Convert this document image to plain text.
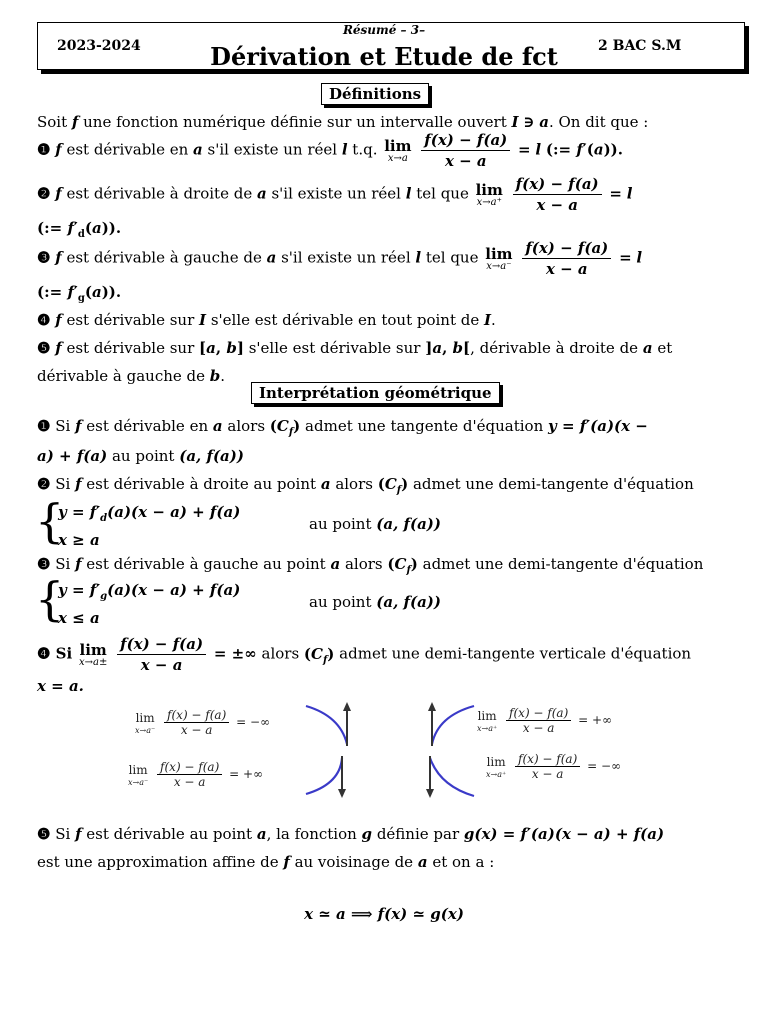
Résumé – 3–
2023-2024	Dérivation et Etude de fct	2 BAC S.M
Définitions
Soit f une fonction numérique définie sur un intervalle ouvert I ∋ a. On dit que :
❶ f est dérivable en a s'il existe un réel l t.q. lim
x→a
$\frac{f(x) - f(a)}{x - a} = l$ (:= f′(a)).
❷ f est dérivable à droite de a s'il existe un réel l tel que lim
x→a⁺
$\frac{f(x) - f(a)}{x - a} = l$
(:= $f'_d(a)$).
❸ f est dérivable à gauche de a s'il existe un réel l tel que lim
x→a⁻
$\frac{f(x) - f(a)}{x - a} = l$
(:= $f'_g(a)$).
❹ f est dérivable sur I s'elle est dérivable en tout point de I.
❺ f est dérivable sur [a, b] s'elle est dérivable sur ]a, b[, dérivable à droite de a et
dérivable à gauche de b.
Interprétation géométrique
❶ Si f est dérivable en a alors $(C_f)$ admet une tangente d'équation y = f′(a)(x −
a) + f(a) au point (a, f(a))
❷ Si f est dérivable à droite au point a alors $(C_f)$ admet une demi-tangente d'équation
{
$y = f'_d(a)(x - a) + f(a)$
x ≥ a
au point (a, f(a))
❸ Si f est dérivable à gauche au point a alors $(C_f)$ admet une demi-tangente d'équation
{
$y = f'_g(a)(x - a) + f(a)$
x ≤ a
au point (a, f(a))
❹ Si lim
x→a±
$\frac{f(x) - f(a)}{x - a}$ = ±∞ alors $(C_f)$ admet une demi-tangente verticale d'équation
x = a.
lim
x→a⁻
$\frac{f(x) - f(a)}{x - a}$ = −∞
lim
x→a⁻
$\frac{f(x) - f(a)}{x - a}$ = +∞
lim
x→a⁺
$\frac{f(x) - f(a)}{x - a}$ = +∞
lim
x→a⁺
$\frac{f(x) - f(a)}{x - a}$ = −∞
❺ Si f est dérivable au point a, la fonction g définie par g(x) = f′(a)(x − a) + f(a)
est une approximation affine de f au voisinage de a et on a :
x ≃ a ⟹ f(x) ≃ g(x)
